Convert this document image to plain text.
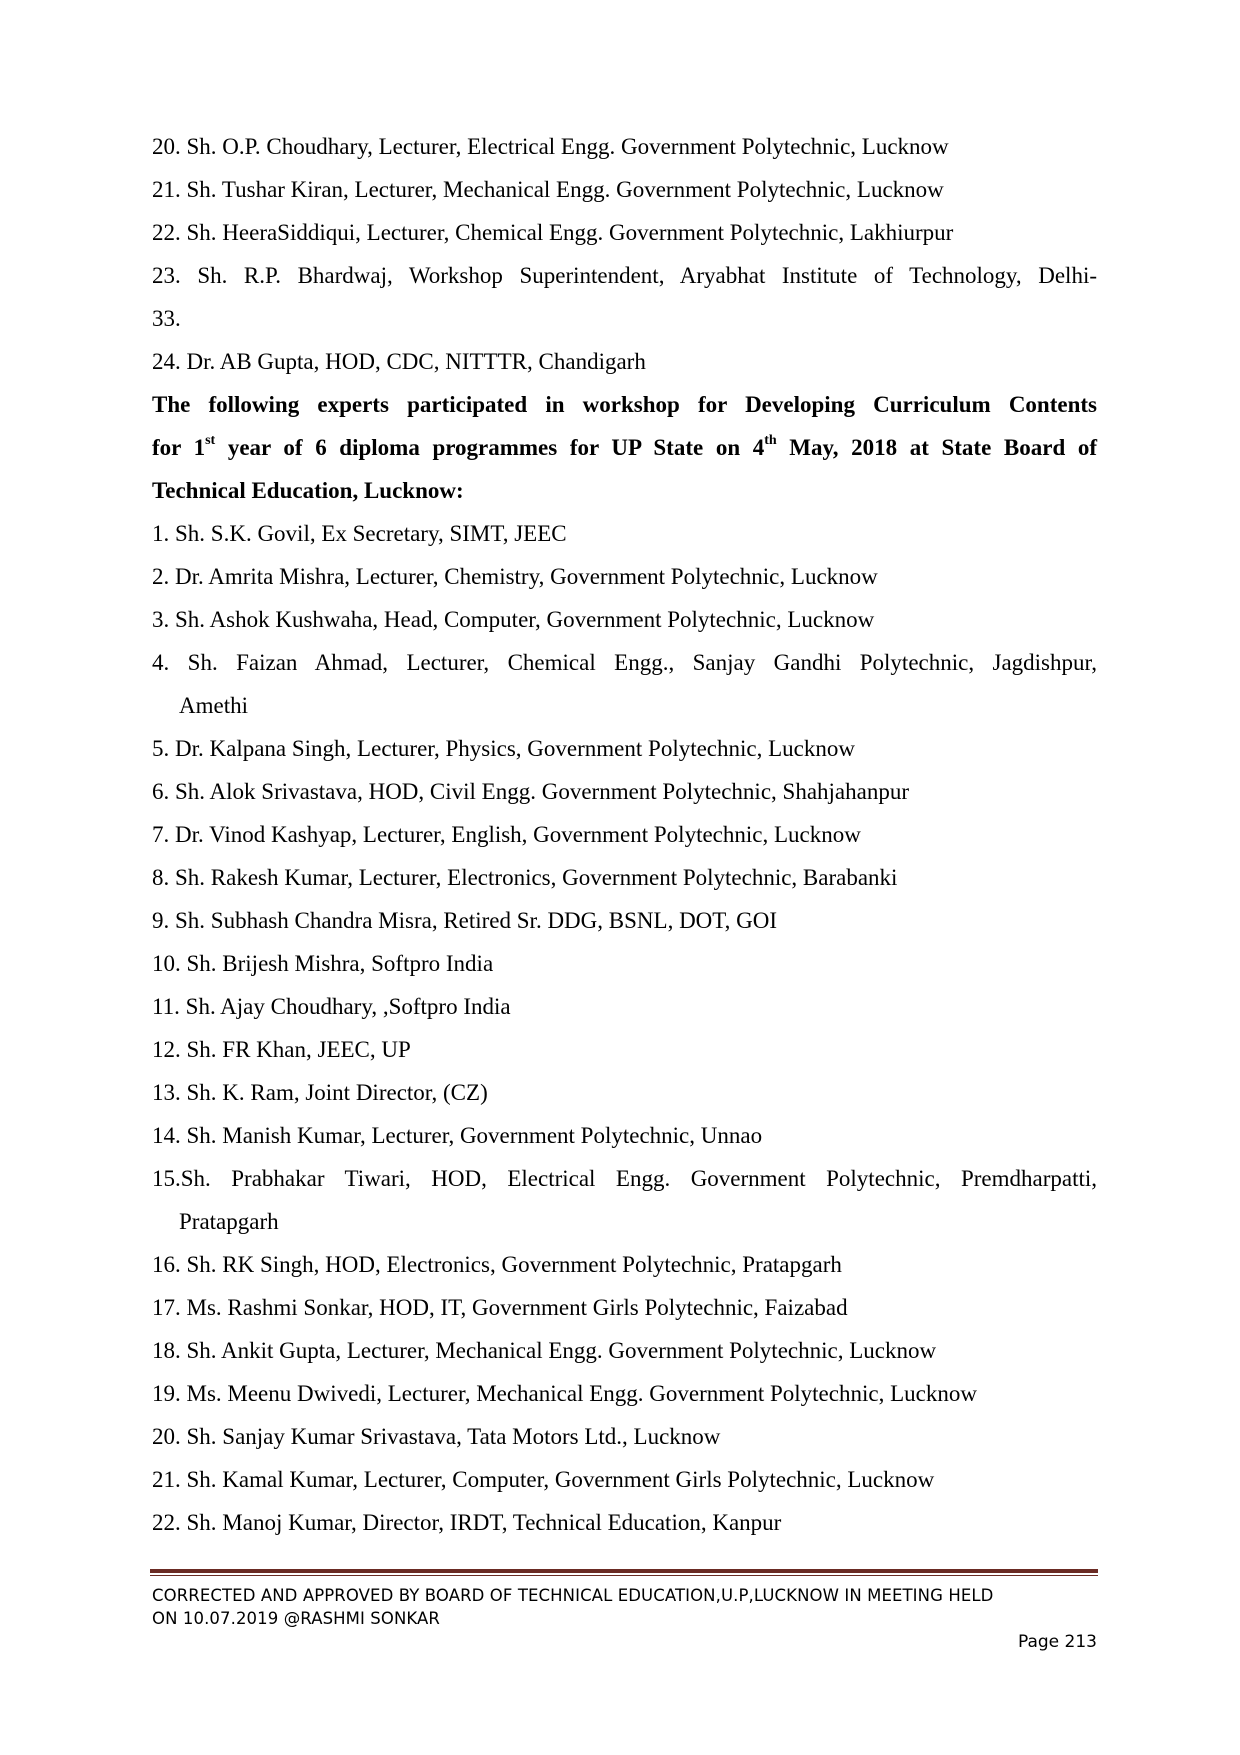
20. Sh. O.P. Choudhary, Lecturer, Electrical Engg. Government Polytechnic, Lucknow
21. Sh. Tushar Kiran, Lecturer, Mechanical Engg. Government Polytechnic, Lucknow
22. Sh. HeeraSiddiqui, Lecturer, Chemical Engg. Government Polytechnic, Lakhiurpur
23. Sh. R.P. Bhardwaj, Workshop Superintendent, Aryabhat Institute of Technology, Delhi-
33.
24. Dr. AB Gupta, HOD, CDC, NITTTR, Chandigarh
The following experts participated in workshop for Developing Curriculum Contents
for 1st year of 6 diploma programmes for UP State on 4th May, 2018 at State Board of
Technical Education, Lucknow:
1. Sh. S.K. Govil, Ex Secretary, SIMT, JEEC
2. Dr. Amrita Mishra, Lecturer, Chemistry, Government Polytechnic, Lucknow
3. Sh. Ashok Kushwaha, Head, Computer, Government Polytechnic, Lucknow
4. Sh. Faizan Ahmad, Lecturer, Chemical Engg., Sanjay Gandhi Polytechnic, Jagdishpur,
Amethi
5. Dr. Kalpana Singh, Lecturer, Physics, Government Polytechnic, Lucknow
6. Sh. Alok Srivastava, HOD, Civil Engg. Government Polytechnic, Shahjahanpur
7. Dr. Vinod Kashyap, Lecturer, English, Government Polytechnic, Lucknow
8. Sh. Rakesh Kumar, Lecturer, Electronics, Government Polytechnic, Barabanki
9. Sh. Subhash Chandra Misra, Retired Sr. DDG, BSNL, DOT, GOI
10. Sh. Brijesh Mishra, Softpro India
11. Sh. Ajay Choudhary, ,Softpro India
12. Sh. FR Khan, JEEC, UP
13. Sh. K. Ram, Joint Director, (CZ)
14. Sh. Manish Kumar, Lecturer, Government Polytechnic, Unnao
15.Sh. Prabhakar Tiwari, HOD, Electrical Engg. Government Polytechnic, Premdharpatti,
Pratapgarh
16. Sh. RK Singh, HOD, Electronics, Government Polytechnic, Pratapgarh
17. Ms. Rashmi Sonkar, HOD, IT, Government Girls Polytechnic, Faizabad
18. Sh. Ankit Gupta, Lecturer, Mechanical Engg. Government Polytechnic, Lucknow
19. Ms. Meenu Dwivedi, Lecturer, Mechanical Engg. Government Polytechnic, Lucknow
20. Sh. Sanjay Kumar Srivastava, Tata Motors Ltd., Lucknow
21. Sh. Kamal Kumar, Lecturer, Computer, Government Girls Polytechnic, Lucknow
22. Sh. Manoj Kumar, Director, IRDT, Technical Education, Kanpur
CORRECTED AND APPROVED BY BOARD OF TECHNICAL EDUCATION,U.P,LUCKNOW IN MEETING HELD
ON 10.07.2019 @RASHMI SONKAR
Page 213
